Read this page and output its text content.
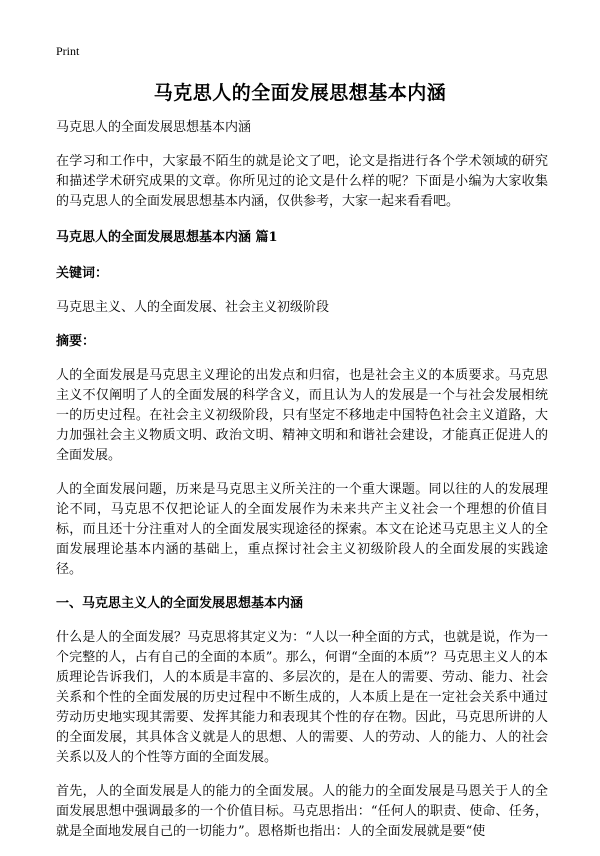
Print
马克思人的全面发展思想基本内涵

马克思人的全面发展思想基本内涵

在学习和工作中，大家最不陌生的就是论文了吧，论文是指进行各个学术领域的研究和描述学术研究成果的文章。你所见过的论文是什么样的呢？下面是小编为大家收集的马克思人的全面发展思想基本内涵，仅供参考，大家一起来看看吧。

马克思人的全面发展思想基本内涵 篇1

关键词：

马克思主义、人的全面发展、社会主义初级阶段

摘要：

人的全面发展是马克思主义理论的出发点和归宿，也是社会主义的本质要求。马克思主义不仅阐明了人的全面发展的科学含义，而且认为人的发展是一个与社会发展相统一的历史过程。在社会主义初级阶段，只有坚定不移地走中国特色社会主义道路，大力加强社会主义物质文明、政治文明、精神文明和和谐社会建设，才能真正促进人的全面发展。

人的全面发展问题，历来是马克思主义所关注的一个重大课题。同以往的人的发展理论不同，马克思不仅把论证人的全面发展作为未来共产主义社会一个理想的价值目标，而且还十分注重对人的全面发展实现途径的探索。本文在论述马克思主义人的全面发展理论基本内涵的基础上，重点探讨社会主义初级阶段人的全面发展的实践途径。

一、马克思主义人的全面发展思想基本内涵

什么是人的全面发展？马克思将其定义为：“人以一种全面的方式，也就是说，作为一个完整的人，占有自己的全面的本质”。那么，何谓“全面的本质”？马克思主义人的本质理论告诉我们，人的本质是丰富的、多层次的，是在人的需要、劳动、能力、社会关系和个性的全面发展的历史过程中不断生成的，人本质上是在一定社会关系中通过劳动历史地实现其需要、发挥其能力和表现其个性的存在物。因此，马克思所讲的人的全面发展，其具体含义就是人的思想、人的需要、人的劳动、人的能力、人的社会关系以及人的个性等方面的全面发展。

首先，人的全面发展是人的能力的全面发展。人的能力的全面发展是马恩关于人的全面发展思想中强调最多的一个价值目标。马克思指出：“任何人的职责、使命、任务，就是全面地发展自己的一切能力”。恩格斯也指出：人的全面发展就是要“使
